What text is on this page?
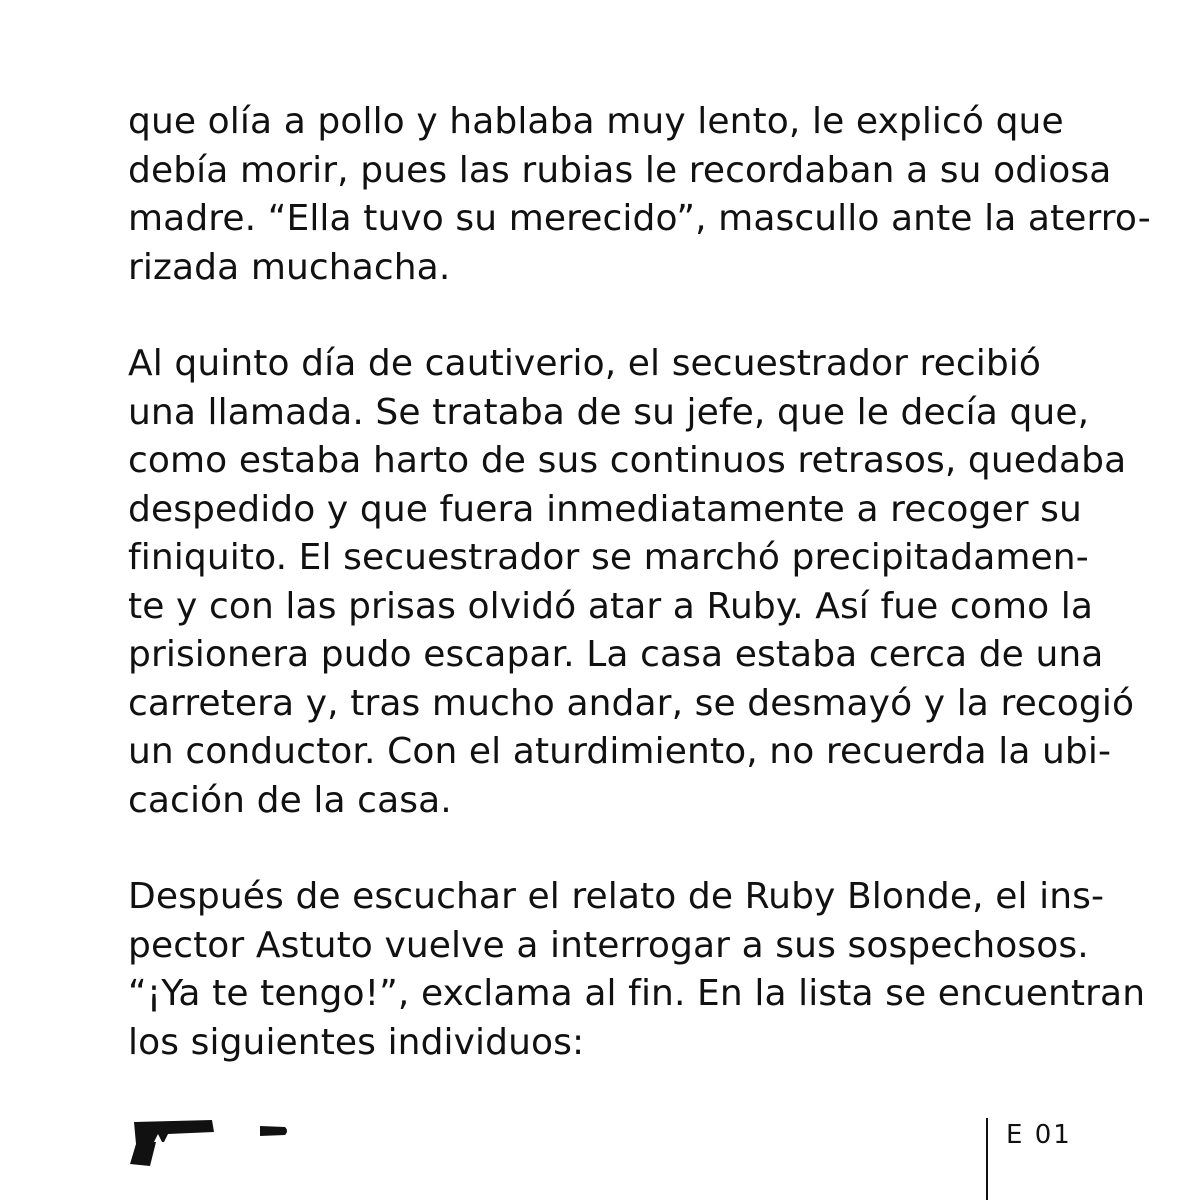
que olía a pollo y hablaba muy lento, le explicó que
debía morir, pues las rubias le recordaban a su odiosa
madre. “Ella tuvo su merecido”, mascullo ante la aterro-
rizada muchacha.

Al quinto día de cautiverio, el secuestrador recibió
una llamada. Se trataba de su jefe, que le decía que,
como estaba harto de sus continuos retrasos, quedaba
despedido y que fuera inmediatamente a recoger su
finiquito. El secuestrador se marchó precipitadamen-
te y con las prisas olvidó atar a Ruby. Así fue como la
prisionera pudo escapar. La casa estaba cerca de una
carretera y, tras mucho andar, se desmayó y la recogió
un conductor. Con el aturdimiento, no recuerda la ubi-
cación de la casa.

Después de escuchar el relato de Ruby Blonde, el ins-
pector Astuto vuelve a interrogar a sus sospechosos.
“¡Ya te tengo!”, exclama al fin. En la lista se encuentran
los siguientes individuos:

E 01
